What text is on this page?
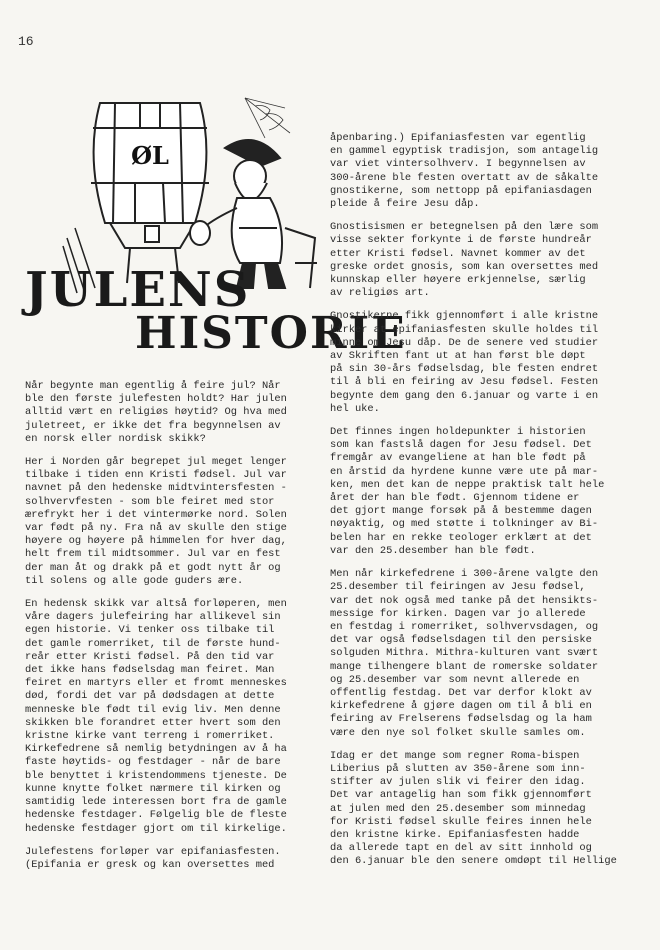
16
ØL
JULENS
HISTORIE

Når begynte man egentlig å feire jul? Når
ble den første julefesten holdt? Har julen
alltid vært en religiøs høytid? Og hva med
juletreet, er ikke det fra begynnelsen av
en norsk eller nordisk skikk?

Her i Norden går begrepet jul meget lenger
tilbake i tiden enn Kristi fødsel. Jul var
navnet på den hedenske midtvintersfesten -
solhvervfesten - som ble feiret med stor
ærefrykt her i det vintermørke nord. Solen
var født på ny. Fra nå av skulle den stige
høyere og høyere på himmelen for hver dag,
helt frem til midtsommer. Jul var en fest
der man åt og drakk på et godt nytt år og
til solens og alle gode guders ære.

En hedensk skikk var altså forløperen, men
våre dagers julefeiring har allikevel sin
egen historie. Vi tenker oss tilbake til
det gamle romerriket, til de første hund-
reår etter Kristi fødsel. På den tid var
det ikke hans fødselsdag man feiret. Man
feiret en martyrs eller et fromt menneskes
død, fordi det var på dødsdagen at dette
menneske ble født til evig liv. Men denne
skikken ble forandret etter hvert som den
kristne kirke vant terreng i romerriket.
Kirkefedrene så nemlig betydningen av å ha
faste høytids- og festdager - når de bare
ble benyttet i kristendommens tjeneste. De
kunne knytte folket nærmere til kirken og
samtidig lede interessen bort fra de gamle
hedenske festdager. Følgelig ble de fleste
hedenske festdager gjort om til kirkelige.

Julefestens forløper var epifaniasfesten.
(Epifania er gresk og kan oversettes med

åpenbaring.) Epifaniasfesten var egentlig
en gammel egyptisk tradisjon, som antagelig
var viet vintersolhverv. I begynnelsen av
300-årene ble festen overtatt av de såkalte
gnostikerne, som nettopp på epifaniasdagen
pleide å feire Jesu dåp.

Gnostisismen er betegnelsen på den lære som
visse sekter forkynte i de første hundreår
etter Kristi fødsel. Navnet kommer av det
greske ordet gnosis, som kan oversettes med
kunnskap eller høyere erkjennelse, særlig
av religiøs art.

Gnostikerne fikk gjennomført i alle kristne
kirker at epifaniasfesten skulle holdes til
minne om Jesu dåp. De de senere ved studier
av Skriften fant ut at han først ble døpt
på sin 30-års fødselsdag, ble festen endret
til å bli en feiring av Jesu fødsel. Festen
begynte dem gang den 6.januar og varte i en
hel uke.

Det finnes ingen holdepunkter i historien
som kan fastslå dagen for Jesu fødsel. Det
fremgår av evangeliene at han ble født på
en årstid da hyrdene kunne være ute på mar-
ken, men det kan de neppe praktisk talt hele
året der han ble født. Gjennom tidene er
det gjort mange forsøk på å bestemme dagen
nøyaktig, og med støtte i tolkninger av Bi-
belen har en rekke teologer erklært at det
var den 25.desember han ble født.

Men når kirkefedrene i 300-årene valgte den
25.desember til feiringen av Jesu fødsel,
var det nok også med tanke på det hensikts-
messige for kirken. Dagen var jo allerede
en festdag i romerriket, solhvervsdagen, og
det var også fødselsdagen til den persiske
solguden Mithra. Mithra-kulturen vant svært
mange tilhengere blant de romerske soldater
og 25.desember var som nevnt allerede en
offentlig festdag. Det var derfor klokt av
kirkefedrene å gjøre dagen om til å bli en
feiring av Frelserens fødselsdag og la ham
være den nye sol folket skulle samles om.

Idag er det mange som regner Roma-bispen
Liberius på slutten av 350-årene som inn-
stifter av julen slik vi feirer den idag.
Det var antagelig han som fikk gjennomført
at julen med den 25.desember som minnedag
for Kristi fødsel skulle feires innen hele
den kristne kirke. Epifaniasfesten hadde
da allerede tapt en del av sitt innhold og
den 6.januar ble den senere omdøpt til Hellige
